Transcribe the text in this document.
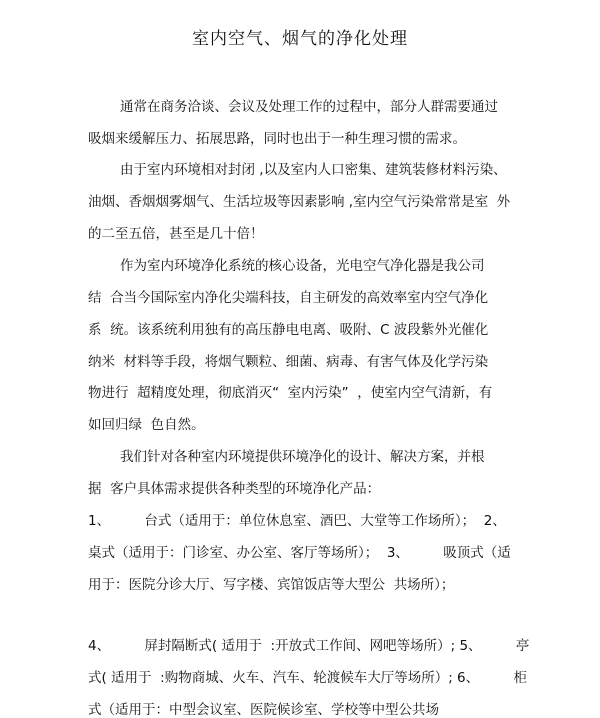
室内空气、烟气的净化处理
通常在商务洽谈、会议及处理工作的过程中，部分人群需要通过
吸烟来缓解压力、拓展思路，同时也出于一种生理习惯的需求。
由于室内环境相对封闭 ,以及室内人口密集、建筑装修材料污染、
油烟、香烟烟雾烟气、生活垃圾等因素影响 ,室内空气污染常常是室  外
的二至五倍，甚至是几十倍！
作为室内环境净化系统的核心设备，光电空气净化器是我公司
结  合当今国际室内净化尖端科技，自主研发的高效率室内空气净化
系  统。该系统利用独有的高压静电电离、吸附、C 波段紫外光催化
纳米  材料等手段，将烟气颗粒、细菌、病毒、有害气体及化学污染
物进行  超精度处理，彻底消灭“  室内污染”  ，使室内空气清新，有
如回归绿  色自然。
我们针对各种室内环境提供环境净化的设计、解决方案，并根
据  客户具体需求提供各种类型的环境净化产品：
1、        台式（适用于：单位休息室、酒巴、大堂等工作场所）；  2、
桌式（适用于：门诊室、办公室、客厅等场所）；  3、        吸顶式（适
用于：医院分诊大厅、写字楼、宾馆饭店等大型公  共场所）；
4、        屏封隔断式( 适用于  :开放式工作间、网吧等场所）; 5、        亭
式( 适用于  :购物商城、火车、汽车、轮渡候车大厅等场所）; 6、        柜
式（适用于：中型会议室、医院候诊室、学校等中型公共场
